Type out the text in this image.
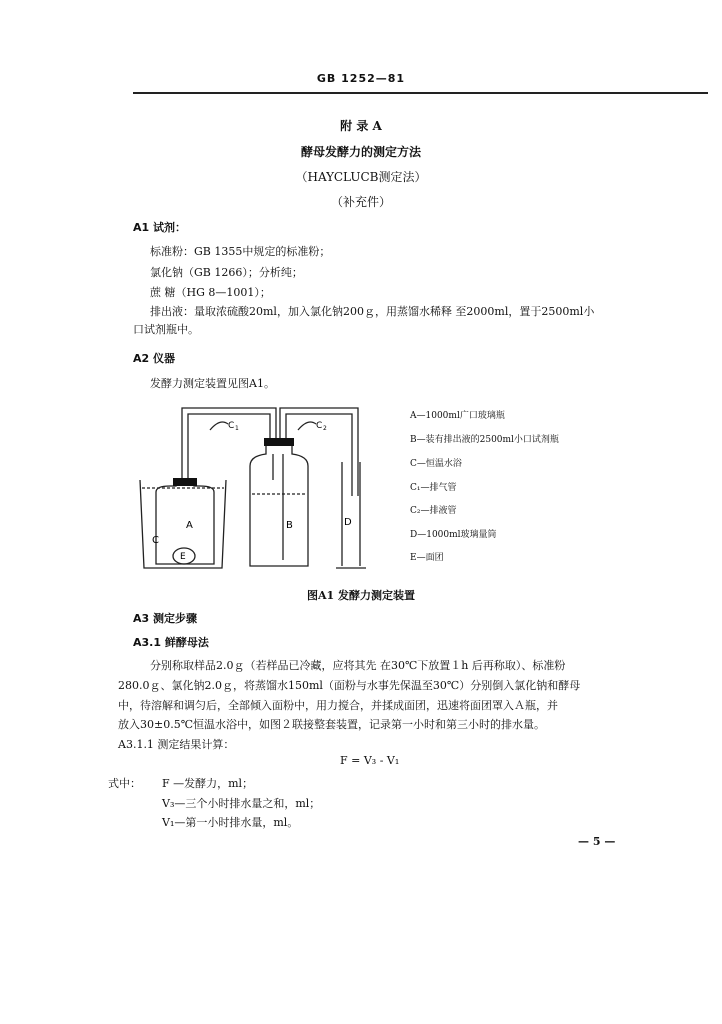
GB 1252—81
附 录 A
酵母发酵力的测定方法
（HAYCLUCB测定法）
（补充件）
A1 试剂：
标准粉：GB 1355中规定的标准粉；
氯化钠（GB 1266）；分析纯；
蔗 糖（HG 8—1001）；
排出液：量取浓硫酸20ml，加入氯化钠200ｇ，用蒸馏水稀释 至2000ml，置于2500ml小
口试剂瓶中。
A2 仪器
发酵力测定装置见图A1。
A	B
C
D
E
C 1	C 2
A—1000ml广口玻璃瓶
B—装有排出液的2500ml小口试剂瓶
C—恒温水浴
C₁—排气管
C₂—排液管
D—1000ml玻璃量筒
E—面团
图A1 发酵力测定装置
A3 测定步骤
A3.1 鲜酵母法
分别称取样品2.0ｇ（若样品已冷藏，应将其先 在30℃下放置１h 后再称取）、标准粉
280.0ｇ、氯化钠2.0ｇ，将蒸馏水150ml（面粉与水事先保温至30℃）分别倒入氯化钠和酵母
中，待溶解和调匀后，全部倾入面粉中，用力搅合，并揉成面团，迅速将面团罩入Ａ瓶，并
放入30±0.5℃恒温水浴中，如图２联接整套装置，记录第一小时和第三小时的排水量。
A3.1.1 测定结果计算：
F = V₃ - V₁
式中： F —发酵力，ml；
V₃—三个小时排水量之和，ml；
V₁—第一小时排水量，ml。
— 5 —
